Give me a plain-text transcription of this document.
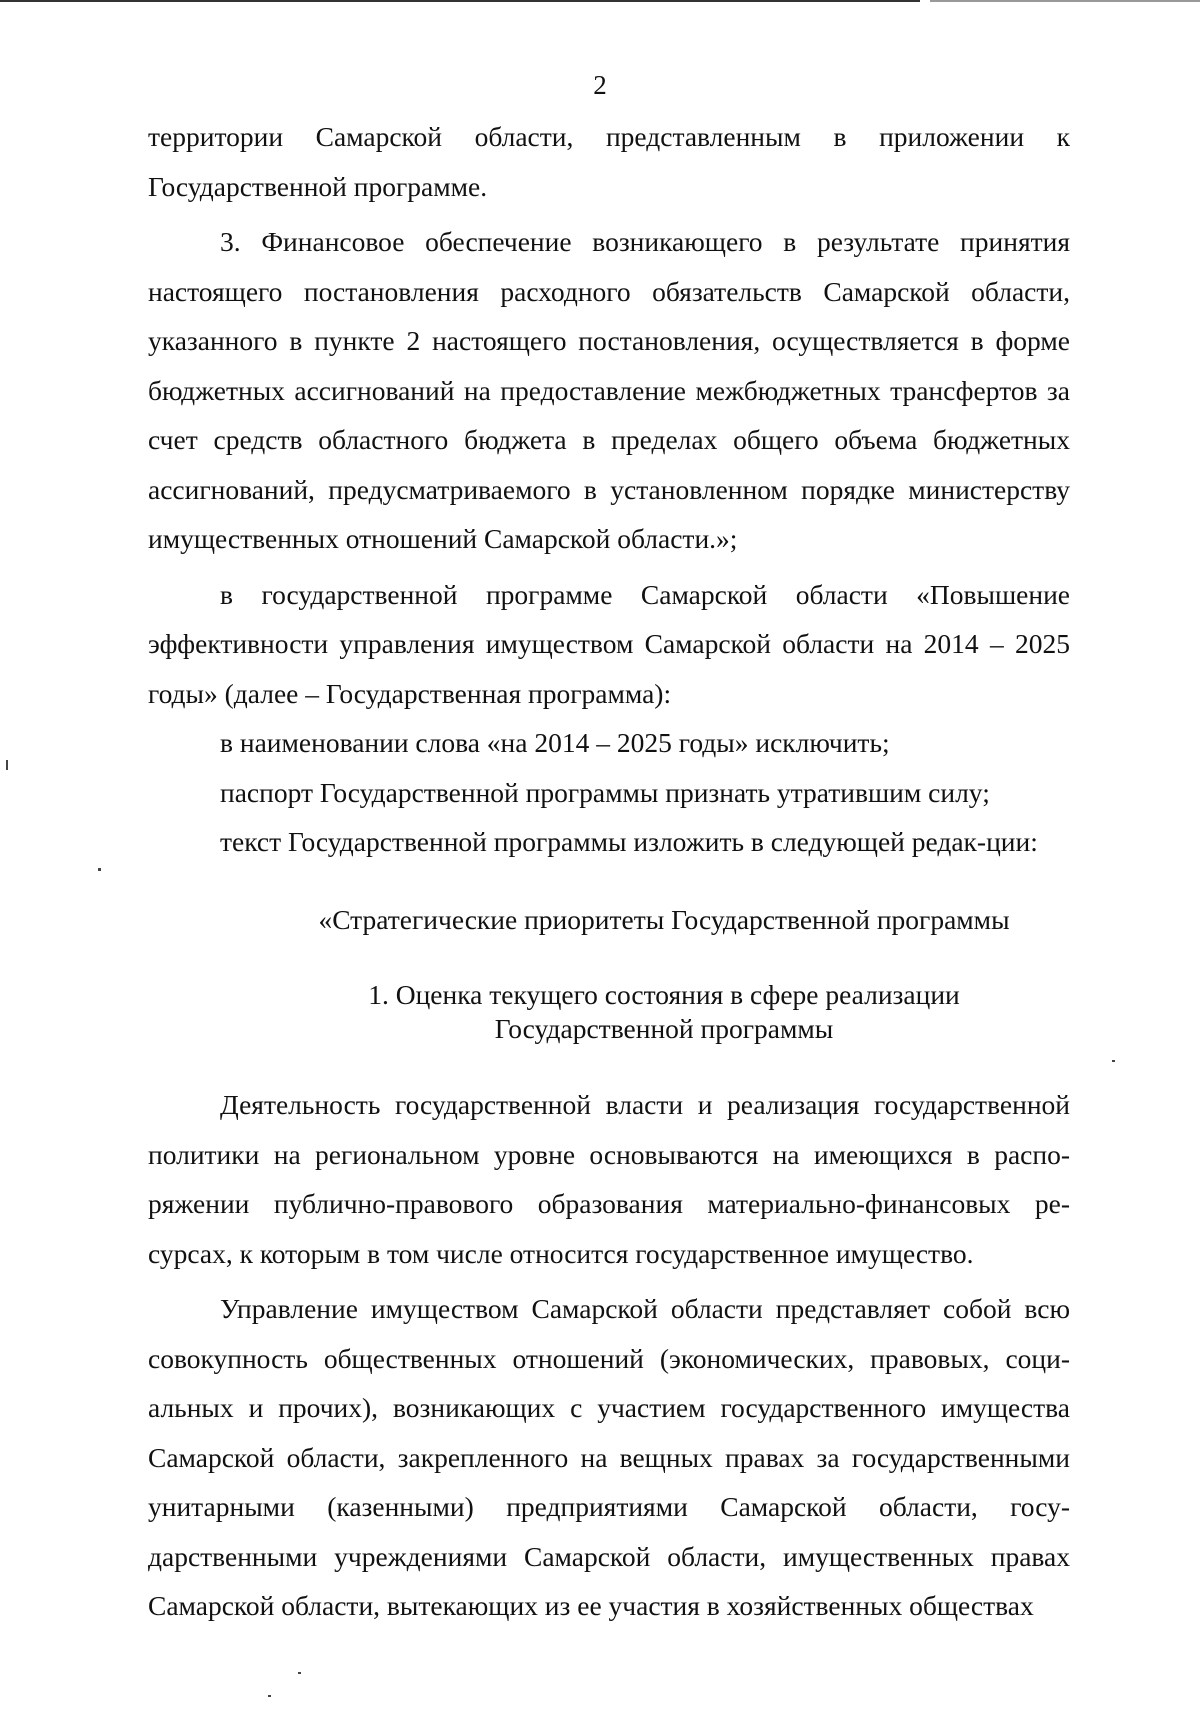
2

территории Самарской области, представленным в приложении к Государственной программе.

3. Финансовое обеспечение возникающего в результате принятия настоящего постановления расходного обязательств Самарской области, указанного в пункте 2 настоящего постановления, осуществляется в форме бюджетных ассигнований на предоставление межбюджетных трансфертов за счет средств областного бюджета в пределах общего объема бюджетных ассигнований, предусматриваемого в установленном порядке министерству имущественных отношений Самарской области.»;

в государственной программе Самарской области «Повышение эффективности управления имуществом Самарской области на 2014 – 2025 годы» (далее – Государственная программа):

в наименовании слова «на 2014 – 2025 годы» исключить;

паспорт Государственной программы признать утратившим силу;

текст Государственной программы изложить в следующей редак-ции:

«Стратегические приоритеты Государственной программы

1. Оценка текущего состояния в сфере реализации
Государственной программы

Деятельность государственной власти и реализация государственной политики на региональном уровне основываются на имеющихся в распо-ряжении публично-правового образования материально-финансовых ре-сурсах, к которым в том числе относится государственное имущество.

Управление имуществом Самарской области представляет собой всю совокупность общественных отношений (экономических, правовых, соци-альных и прочих), возникающих с участием государственного имущества Самарской области, закрепленного на вещных правах за государственными унитарными (казенными) предприятиями Самарской области, госу-дарственными учреждениями Самарской области, имущественных правах Самарской области, вытекающих из ее участия в хозяйственных обществах
